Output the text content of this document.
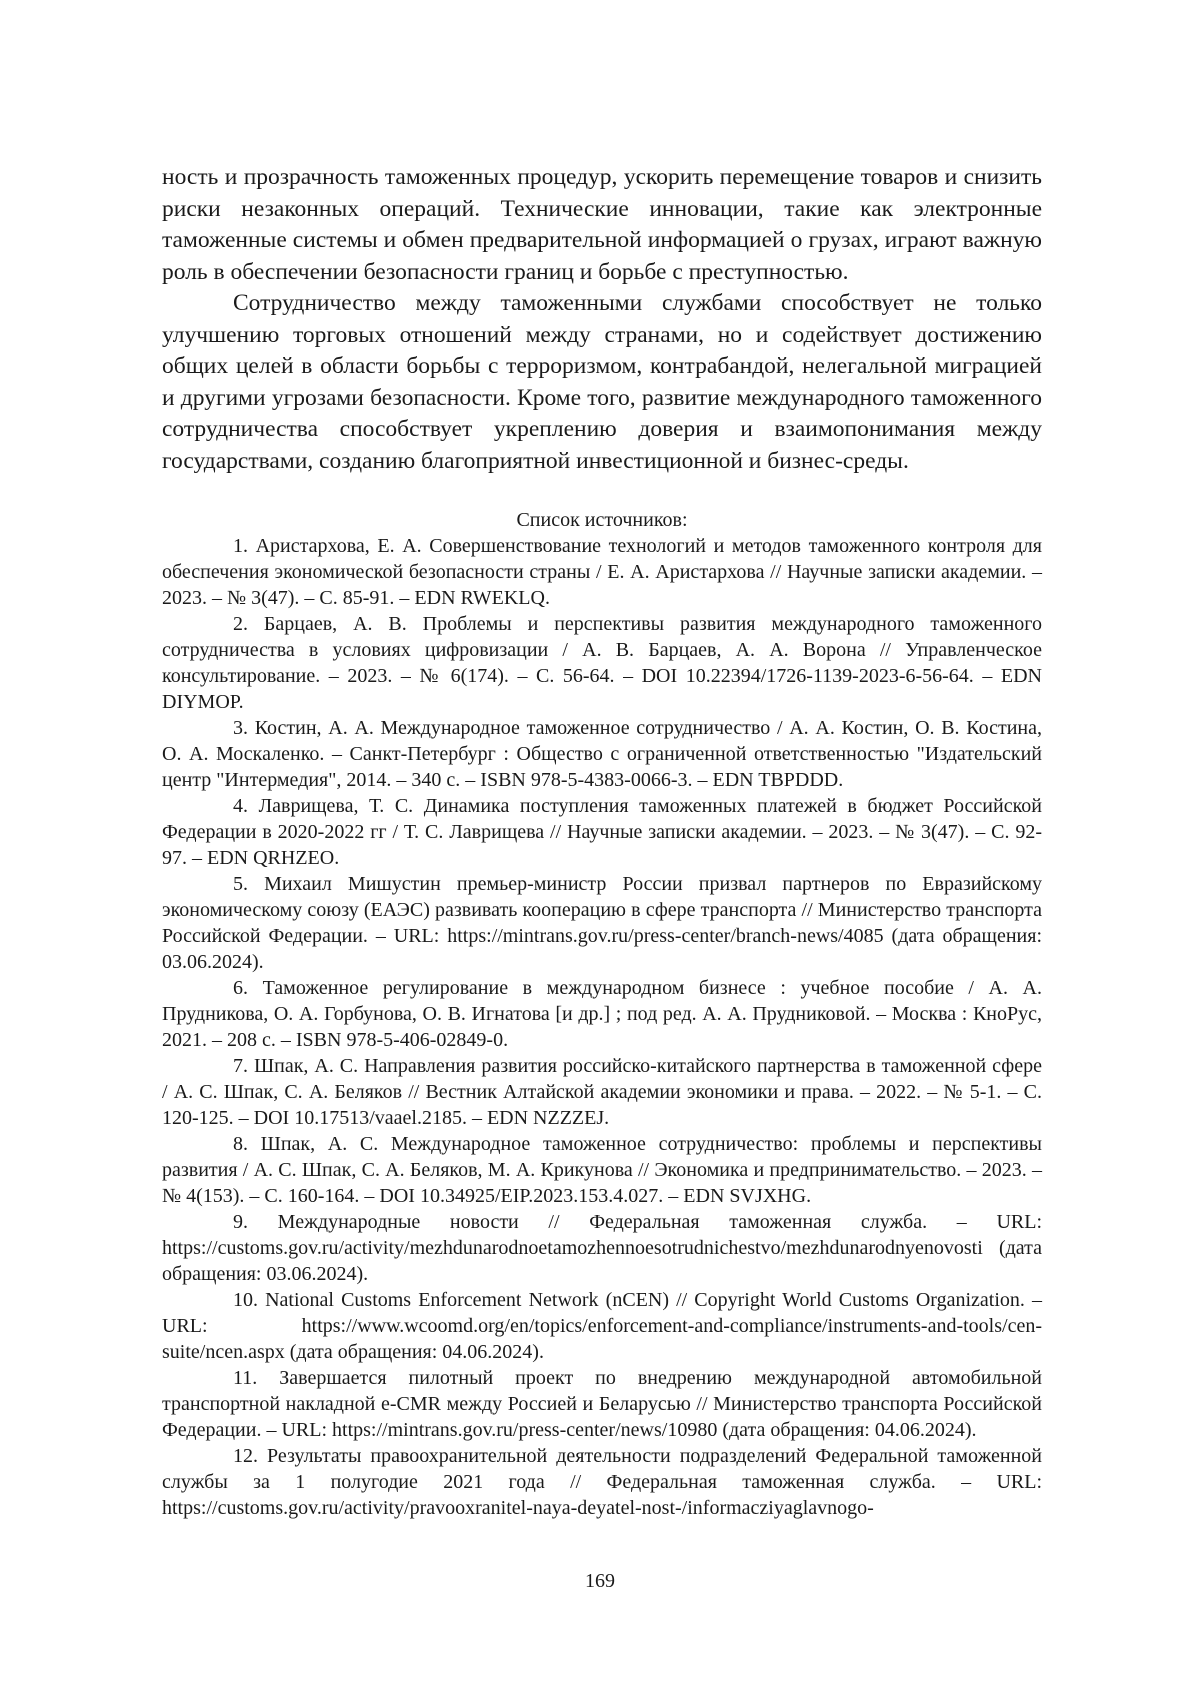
ность и прозрачность таможенных процедур, ускорить перемещение товаров и снизить риски незаконных операций. Технические инновации, такие как электронные таможенные системы и обмен предварительной информацией о грузах, играют важную роль в обеспечении безопасности границ и борьбе с преступностью.

Сотрудничество между таможенными службами способствует не только улучшению торговых отношений между странами, но и содействует достижению общих целей в области борьбы с терроризмом, контрабандой, нелегальной миграцией и другими угрозами безопасности. Кроме того, развитие международного таможенного сотрудничества способствует укреплению доверия и взаимопонимания между государствами, созданию благоприятной инвестиционной и бизнес-среды.

Список источников:
1. Аристархова, Е. А. Совершенствование технологий и методов таможенного контроля для обеспечения экономической безопасности страны / Е. А. Аристархова // Научные записки академии. – 2023. – № 3(47). – С. 85-91. – EDN RWEKLQ.
2. Барцаев, А. В. Проблемы и перспективы развития международного таможенного сотрудничества в условиях цифровизации / А. В. Барцаев, А. А. Ворона // Управленческое консультирование. – 2023. – № 6(174). – С. 56-64. – DOI 10.22394/1726-1139-2023-6-56-64. – EDN DIYMOP.
3. Костин, А. А. Международное таможенное сотрудничество / А. А. Костин, О. В. Костина, О. А. Москаленко. – Санкт-Петербург : Общество с ограниченной ответственностью "Издательский центр "Интермедия", 2014. – 340 с. – ISBN 978-5-4383-0066-3. – EDN TBPDDD.
4. Лаврищева, Т. С. Динамика поступления таможенных платежей в бюджет Российской Федерации в 2020-2022 гг / Т. С. Лаврищева // Научные записки академии. – 2023. – № 3(47). – С. 92-97. – EDN QRHZEO.
5. Михаил Мишустин премьер-министр России призвал партнеров по Евразийскому экономическому союзу (ЕАЭС) развивать кооперацию в сфере транспорта // Министерство транспорта Российской Федерации. – URL: https://mintrans.gov.ru/press-center/branch-news/4085 (дата обращения: 03.06.2024).
6. Таможенное регулирование в международном бизнесе : учебное пособие / А. А. Прудникова, О. А. Горбунова, О. В. Игнатова [и др.] ; под ред. А. А. Прудниковой. – Москва : КноРус, 2021. – 208 с. – ISBN 978-5-406-02849-0.
7. Шпак, А. С. Направления развития российско-китайского партнерства в таможенной сфере / А. С. Шпак, С. А. Беляков // Вестник Алтайской академии экономики и права. – 2022. – № 5-1. – С. 120-125. – DOI 10.17513/vaael.2185. – EDN NZZZEJ.
8. Шпак, А. С. Международное таможенное сотрудничество: проблемы и перспективы развития / А. С. Шпак, С. А. Беляков, М. А. Крикунова // Экономика и предпринимательство. – 2023. – № 4(153). – С. 160-164. – DOI 10.34925/EIP.2023.153.4.027. – EDN SVJXHG.
9. Международные новости // Федеральная таможенная служба. – URL: https://customs.gov.ru/activity/mezhdunarodnoetamozhennoesotrudnichestvo/mezhdunarodnyenovosti (дата обращения: 03.06.2024).
10. National Customs Enforcement Network (nCEN) // Copyright World Customs Organization. – URL: https://www.wcoomd.org/en/topics/enforcement-and-compliance/instruments-and-tools/cen-suite/ncen.aspx (дата обращения: 04.06.2024).
11. Завершается пилотный проект по внедрению международной автомобильной транспортной накладной e-CMR между Россией и Беларусью // Министерство транспорта Российской Федерации. – URL: https://mintrans.gov.ru/press-center/news/10980 (дата обращения: 04.06.2024).
12. Результаты правоохранительной деятельности подразделений Федеральной таможенной службы за 1 полугодие 2021 года // Федеральная таможенная служба. – URL: https://customs.gov.ru/activity/pravooxranitel-naya-deyatel-nost-/informacziyaglavnogo-
169
